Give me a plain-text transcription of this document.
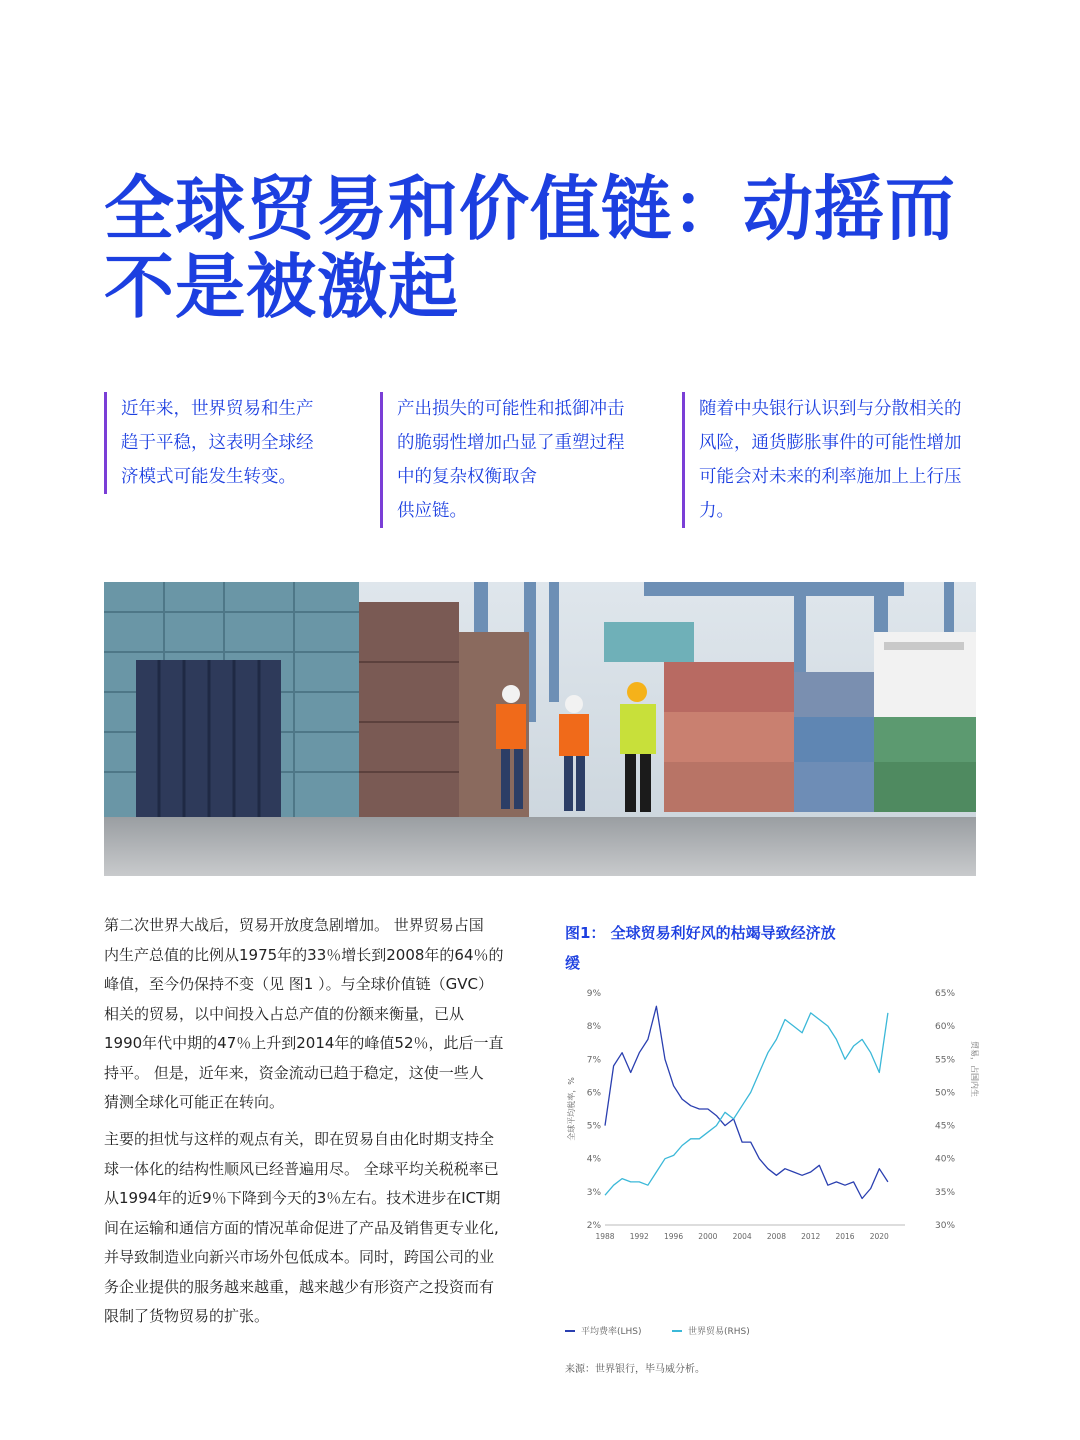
全球贸易和价值链：动摇而
不是被激起
近年来，世界贸易和生产
趋于平稳，这表明全球经
济模式可能发生转变。
产出损失的可能性和抵御冲击
的脆弱性增加凸显了重塑过程
中的复杂权衡取舍
供应链。
随着中央银行认识到与分散相关的
风险，通货膨胀事件的可能性增加
可能会对未来的利率施加上上行压
力。
第二次世界大战后，贸易开放度急剧增加。 世界贸易占国
内生产总值的比例从1975年的33％增长到2008年的64％的
峰值，至今仍保持不变（见 图1 ）。与全球价值链（GVC）
相关的贸易，以中间投入占总产值的份额来衡量，已从
1990年代中期的47％上升到2014年的峰值52％，此后一直
持平。 但是，近年来，资金流动已趋于稳定，这使一些人
猜测全球化可能正在转向。
主要的担忧与这样的观点有关，即在贸易自由化时期支持全
球一体化的结构性顺风已经普遍用尽。 全球平均关税税率已
从1994年的近9％下降到今天的3％左右。技术进步在ICT期
间在运输和通信方面的情况革命促进了产品及销售更专业化,
并导致制造业向新兴市场外包低成本。同时，跨国公司的业
务企业提供的服务越来越重，越来越少有形资产之投资而有
限制了货物贸易的扩张。
图1： 全球贸易利好风的枯竭导致经济放
缓
2%
3%
4%
5%
6%
7%
8%
9%
30%
35%
40%
45%
50%
55%
60%
65%
1988 1992 1996 2000 2004 2008 2012 2016 2020
全球平均税率，%
贸易，占国内生
平均费率(LHS)	世界贸易(RHS)
来源：世界银行，毕马威分析。
